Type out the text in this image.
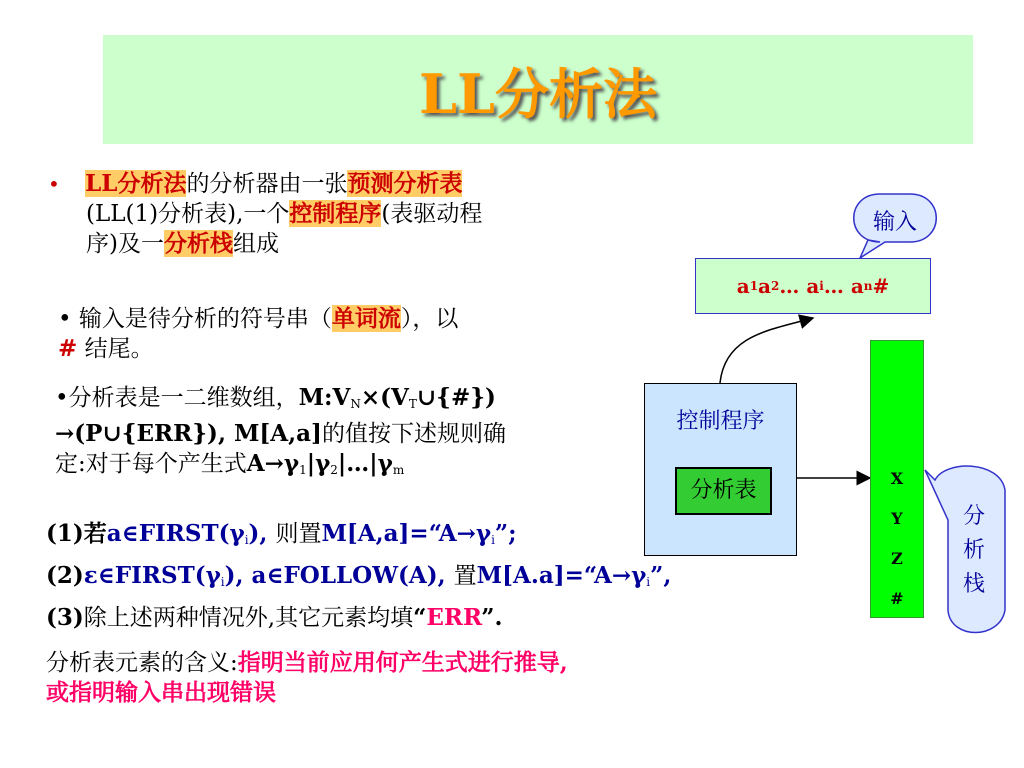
LL分析法
• LL分析法的分析器由一张预测分析表
(LL(1)分析表),一个控制程序(表驱动程
序)及一分析栈组成
• 输入是待分析的符号串（单词流），以
# 结尾。
•分析表是一二维数组，$M:V_N\times(V_T\cup\{\#\})$
→(P∪{ERR}), M[A,a]的值按下述规则确
定:对于每个产生式$A\to\gamma_1|\gamma_2|\dots|\gamma_m$
(1)若$a\in FIRST(\gamma_i)$, 则置$M[A,a]=“A\to\gamma_i$”;
$(2)\varepsilon\in FIRST(\gamma_i)$, a∈FOLLOW(A), 置$M[A.a]=“A\to\gamma_i$”,
(3)除上述两种情况外,其它元素均填“ERR”.
分析表元素的含义:指明当前应用何产生式进行推导,
或指明输入串出现错误
输入
a 1 a 2 … a i … a n #
控制程序
分析表	X
Y
Z
#
分
析
栈
